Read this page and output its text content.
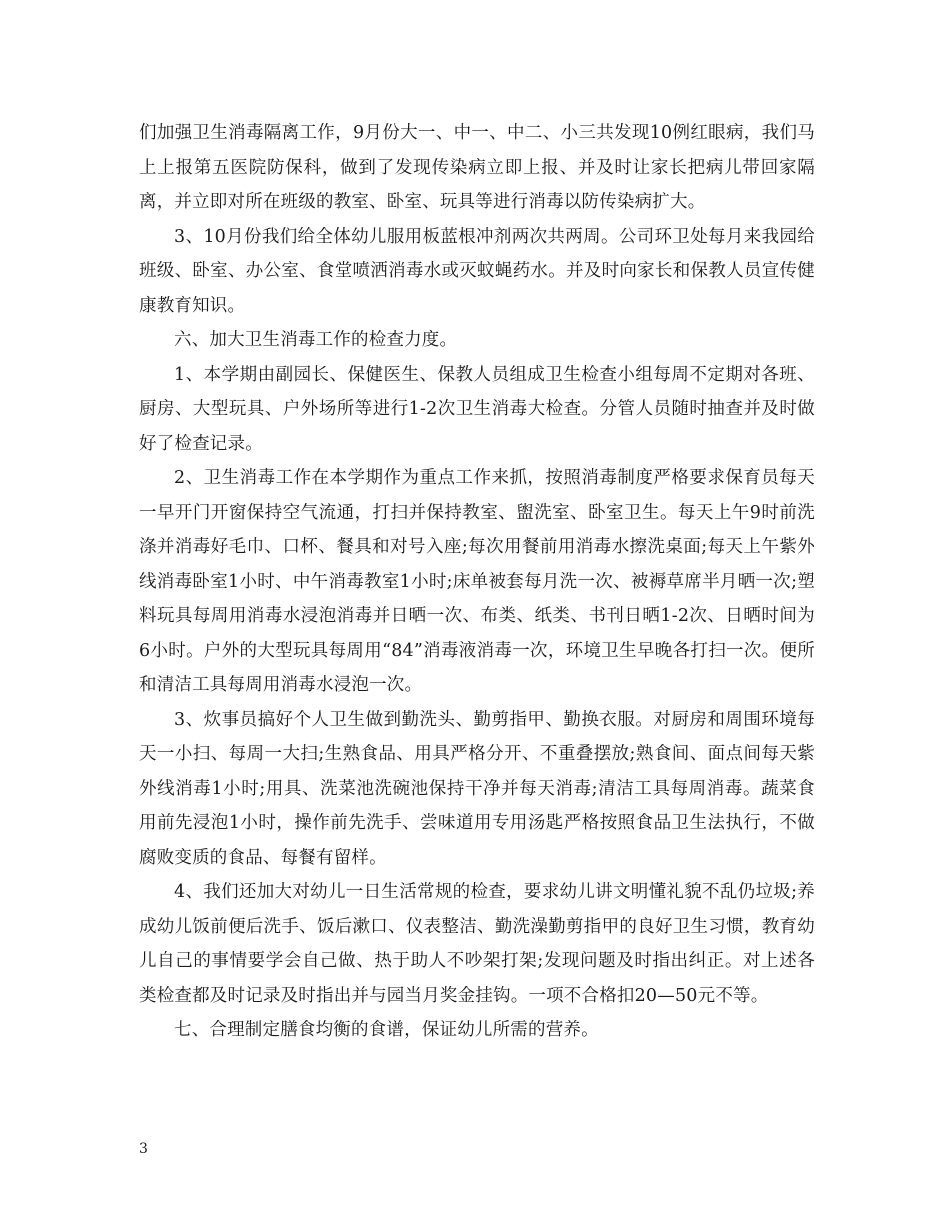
们加强卫生消毒隔离工作，9月份大一、中一、中二、小三共发现10例红眼病，我们马上上报第五医院防保科，做到了发现传染病立即上报、并及时让家长把病儿带回家隔离，并立即对所在班级的教室、卧室、玩具等进行消毒以防传染病扩大。

3、10月份我们给全体幼儿服用板蓝根冲剂两次共两周。公司环卫处每月来我园给班级、卧室、办公室、食堂喷洒消毒水或灭蚊蝇药水。并及时向家长和保教人员宣传健康教育知识。

六、加大卫生消毒工作的检查力度。

1、本学期由副园长、保健医生、保教人员组成卫生检查小组每周不定期对各班、厨房、大型玩具、户外场所等进行1-2次卫生消毒大检查。分管人员随时抽查并及时做好了检查记录。

2、卫生消毒工作在本学期作为重点工作来抓，按照消毒制度严格要求保育员每天一早开门开窗保持空气流通，打扫并保持教室、盥洗室、卧室卫生。每天上午9时前洗涤并消毒好毛巾、口杯、餐具和对号入座;每次用餐前用消毒水擦洗桌面;每天上午紫外线消毒卧室1小时、中午消毒教室1小时;床单被套每月洗一次、被褥草席半月晒一次;塑料玩具每周用消毒水浸泡消毒并日晒一次、布类、纸类、书刊日晒1-2次、日晒时间为6小时。户外的大型玩具每周用“84”消毒液消毒一次，环境卫生早晚各打扫一次。便所和清洁工具每周用消毒水浸泡一次。

3、炊事员搞好个人卫生做到勤洗头、勤剪指甲、勤换衣服。对厨房和周围环境每天一小扫、每周一大扫;生熟食品、用具严格分开、不重叠摆放;熟食间、面点间每天紫外线消毒1小时;用具、洗菜池洗碗池保持干净并每天消毒;清洁工具每周消毒。蔬菜食用前先浸泡1小时，操作前先洗手、尝味道用专用汤匙严格按照食品卫生法执行，不做腐败变质的食品、每餐有留样。

4、我们还加大对幼儿一日生活常规的检查，要求幼儿讲文明懂礼貌不乱仍垃圾;养成幼儿饭前便后洗手、饭后漱口、仪表整洁、勤洗澡勤剪指甲的良好卫生习惯，教育幼儿自己的事情要学会自己做、热于助人不吵架打架;发现问题及时指出纠正。对上述各类检查都及时记录及时指出并与园当月奖金挂钩。一项不合格扣20—50元不等。

七、合理制定膳食均衡的食谱，保证幼儿所需的营养。

3
